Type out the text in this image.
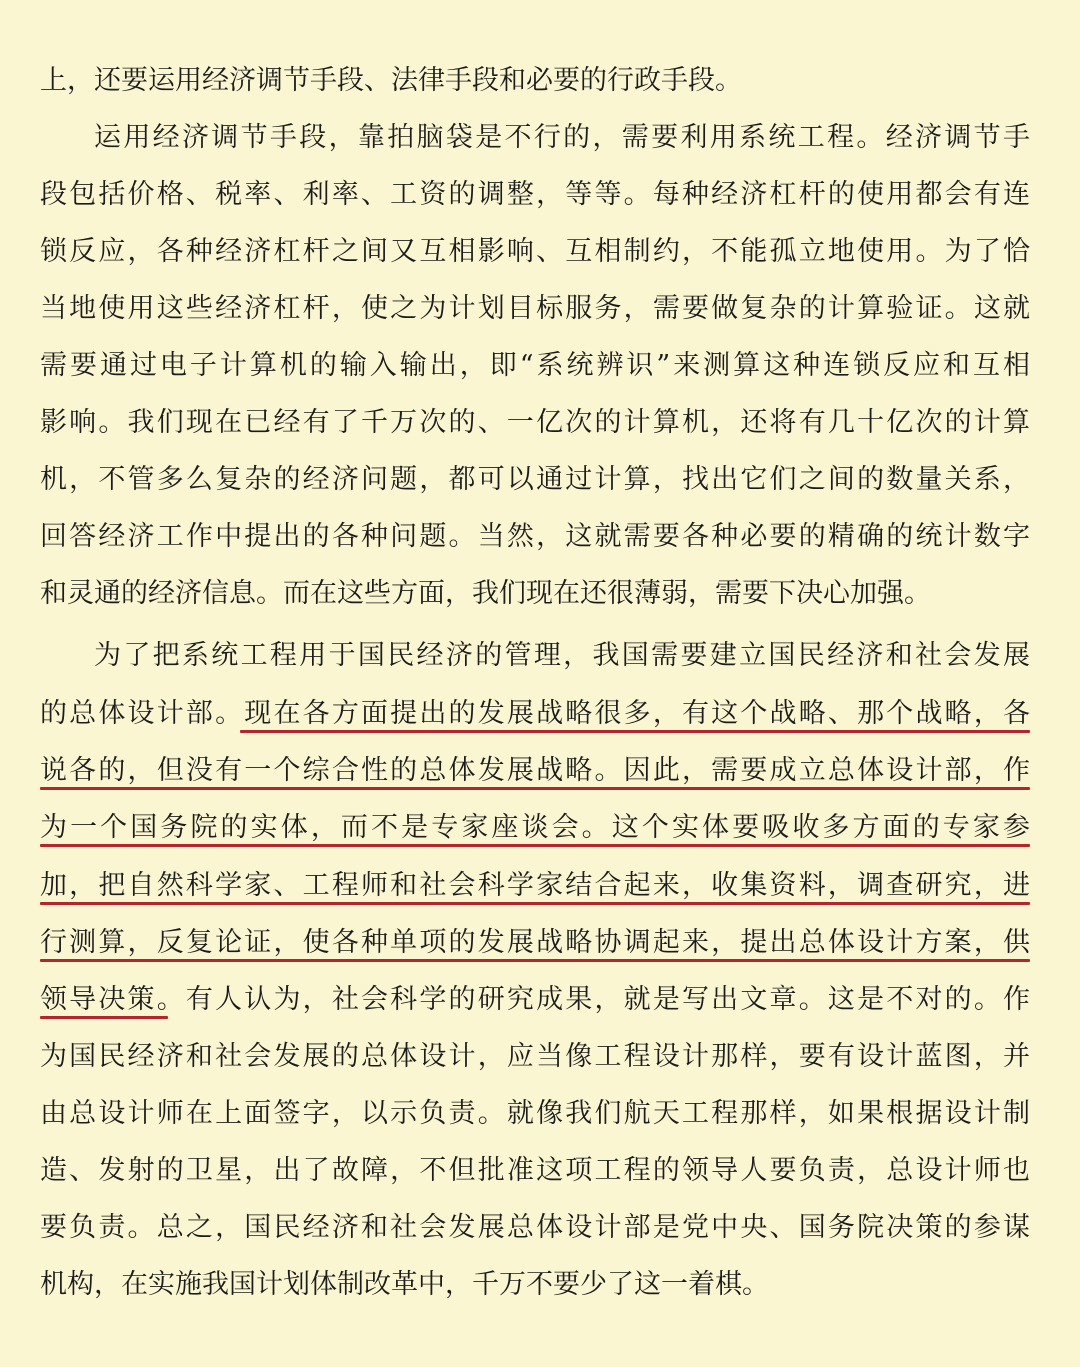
上，还要运用经济调节手段、法律手段和必要的行政手段。
运用经济调节手段，靠拍脑袋是不行的，需要利用系统工程。经济调节手
段包括价格、税率、利率、工资的调整，等等。每种经济杠杆的使用都会有连
锁反应，各种经济杠杆之间又互相影响、互相制约，不能孤立地使用。为了恰
当地使用这些经济杠杆，使之为计划目标服务，需要做复杂的计算验证。这就
需要通过电子计算机的输入输出，即“系统辨识”来测算这种连锁反应和互相
影响。我们现在已经有了千万次的、一亿次的计算机，还将有几十亿次的计算
机，不管多么复杂的经济问题，都可以通过计算，找出它们之间的数量关系，
回答经济工作中提出的各种问题。当然，这就需要各种必要的精确的统计数字
和灵通的经济信息。而在这些方面，我们现在还很薄弱，需要下决心加强。
为了把系统工程用于国民经济的管理，我国需要建立国民经济和社会发展
的总体设计部。现在各方面提出的发展战略很多，有这个战略、那个战略，各
说各的，但没有一个综合性的总体发展战略。因此，需要成立总体设计部，作
为一个国务院的实体，而不是专家座谈会。这个实体要吸收多方面的专家参
加，把自然科学家、工程师和社会科学家结合起来，收集资料，调查研究，进
行测算，反复论证，使各种单项的发展战略协调起来，提出总体设计方案，供
领导决策。有人认为，社会科学的研究成果，就是写出文章。这是不对的。作
为国民经济和社会发展的总体设计，应当像工程设计那样，要有设计蓝图，并
由总设计师在上面签字，以示负责。就像我们航天工程那样，如果根据设计制
造、发射的卫星，出了故障，不但批准这项工程的领导人要负责，总设计师也
要负责。总之，国民经济和社会发展总体设计部是党中央、国务院决策的参谋
机构，在实施我国计划体制改革中，千万不要少了这一着棋。
